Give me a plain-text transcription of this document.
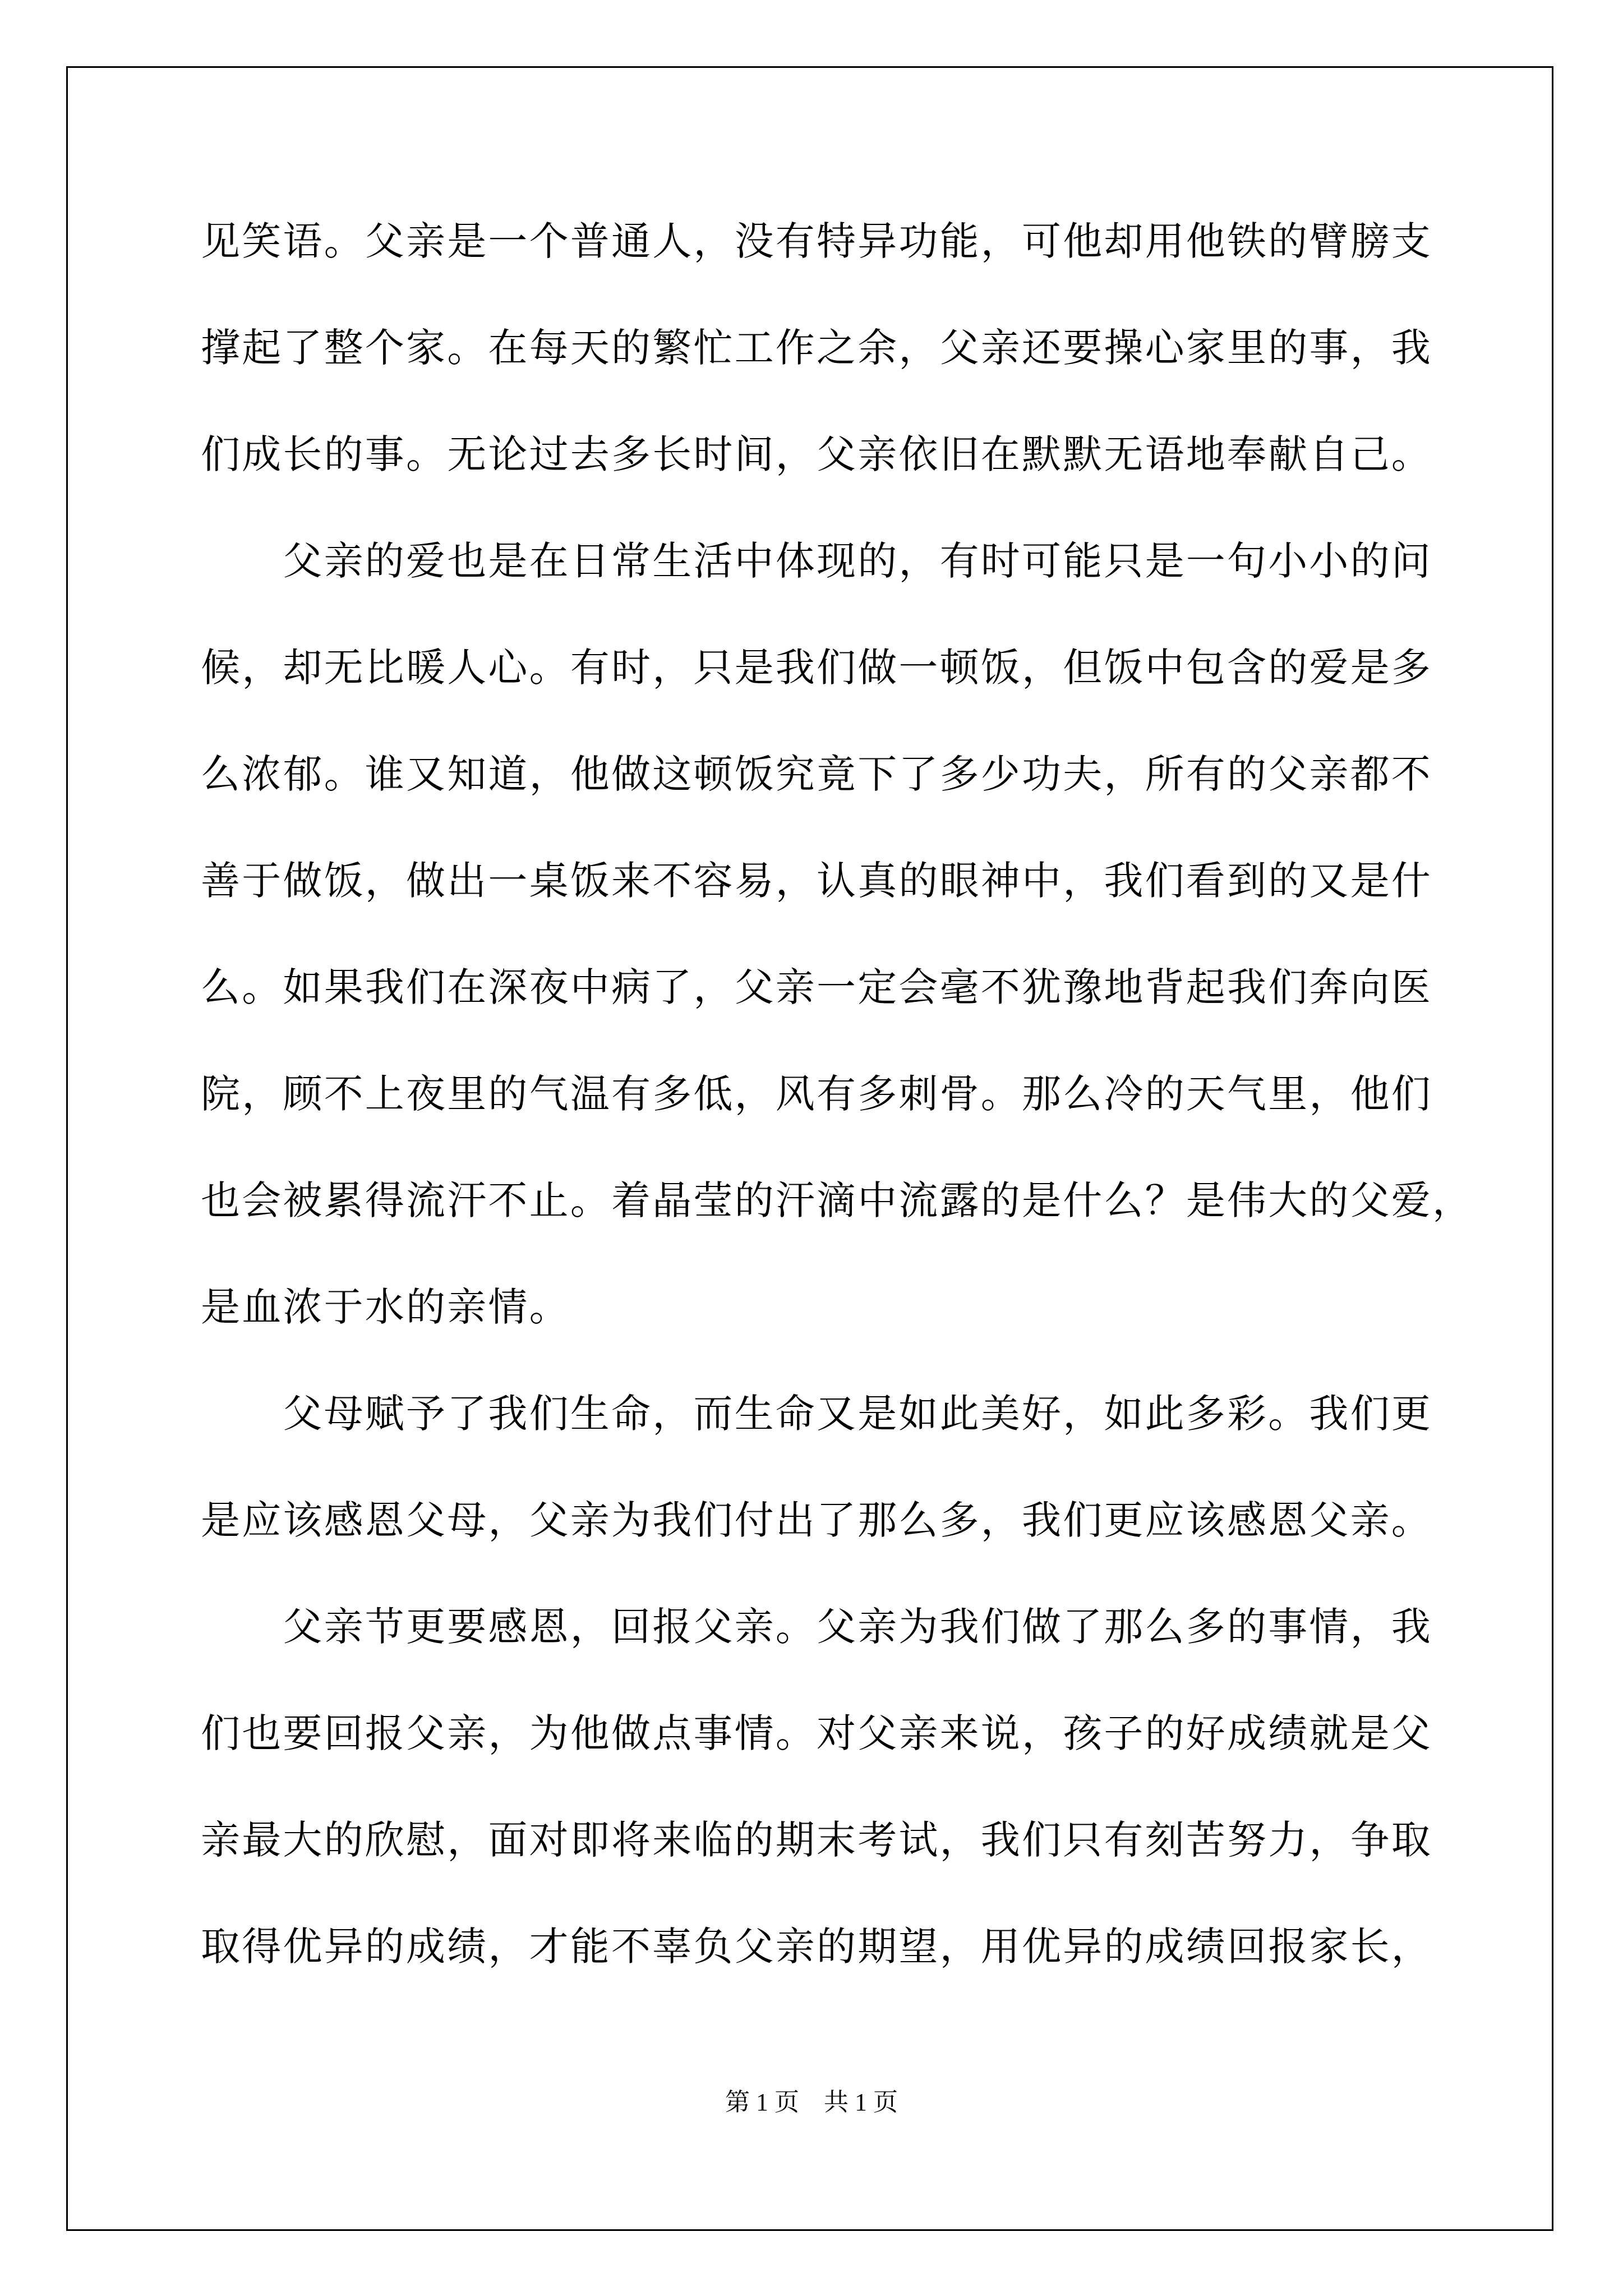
见笑语。父亲是一个普通人，没有特异功能，可他却用他铁的臂膀支
撑起了整个家。在每天的繁忙工作之余，父亲还要操心家里的事，我
们成长的事。无论过去多长时间，父亲依旧在默默无语地奉献自己。
　　父亲的爱也是在日常生活中体现的，有时可能只是一句小小的问
候，却无比暖人心。有时，只是我们做一顿饭，但饭中包含的爱是多
么浓郁。谁又知道，他做这顿饭究竟下了多少功夫，所有的父亲都不
善于做饭，做出一桌饭来不容易，认真的眼神中，我们看到的又是什
么。如果我们在深夜中病了，父亲一定会毫不犹豫地背起我们奔向医
院，顾不上夜里的气温有多低，风有多刺骨。那么冷的天气里，他们
也会被累得流汗不止。着晶莹的汗滴中流露的是什么？是伟大的父爱，
是血浓于水的亲情。
　　父母赋予了我们生命，而生命又是如此美好，如此多彩。我们更
是应该感恩父母，父亲为我们付出了那么多，我们更应该感恩父亲。
　　父亲节更要感恩，回报父亲。父亲为我们做了那么多的事情，我
们也要回报父亲，为他做点事情。对父亲来说，孩子的好成绩就是父
亲最大的欣慰，面对即将来临的期末考试，我们只有刻苦努力，争取
取得优异的成绩，才能不辜负父亲的期望，用优异的成绩回报家长，
第 1 页　共 1 页
